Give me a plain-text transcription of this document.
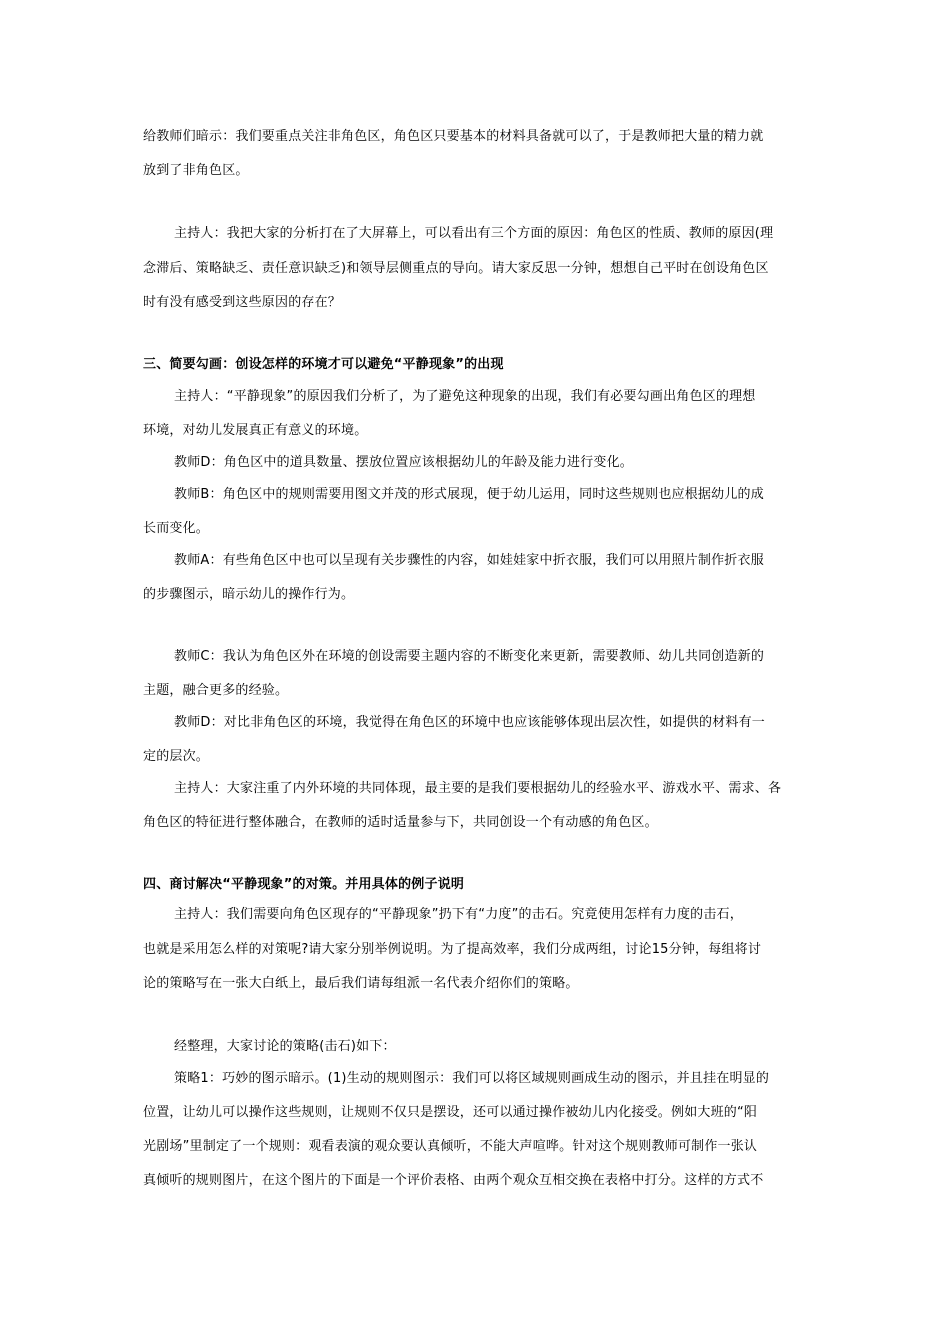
给教师们暗示：我们要重点关注非角色区，角色区只要基本的材料具备就可以了，于是教师把大量的精力就
放到了非角色区。
主持人：我把大家的分析打在了大屏幕上，可以看出有三个方面的原因：角色区的性质、教师的原因(理
念滞后、策略缺乏、责任意识缺乏)和领导层侧重点的导向。请大家反思一分钟，想想自己平时在创设角色区
时有没有感受到这些原因的存在？
三、简要勾画：创设怎样的环境才可以避免“平静现象”的出现
主持人：“平静现象”的原因我们分析了，为了避免这种现象的出现，我们有必要勾画出角色区的理想
环境，对幼儿发展真正有意义的环境。
教师D：角色区中的道具数量、摆放位置应该根据幼儿的年龄及能力进行变化。
教师B：角色区中的规则需要用图文并茂的形式展现，便于幼儿运用，同时这些规则也应根据幼儿的成
长而变化。
教师A：有些角色区中也可以呈现有关步骤性的内容，如娃娃家中折衣服，我们可以用照片制作折衣服
的步骤图示，暗示幼儿的操作行为。
教师C：我认为角色区外在环境的创设需要主题内容的不断变化来更新，需要教师、幼儿共同创造新的
主题，融合更多的经验。
教师D：对比非角色区的环境，我觉得在角色区的环境中也应该能够体现出层次性，如提供的材料有一
定的层次。
主持人：大家注重了内外环境的共同体现，最主要的是我们要根据幼儿的经验水平、游戏水平、需求、各
角色区的特征进行整体融合，在教师的适时适量参与下，共同创设一个有动感的角色区。
四、商讨解决“平静现象”的对策。并用具体的例子说明
主持人：我们需要向角色区现存的“平静现象”扔下有“力度”的击石。究竟使用怎样有力度的击石，
也就是采用怎么样的对策呢?请大家分别举例说明。为了提高效率，我们分成两组，讨论15分钟，每组将讨
论的策略写在一张大白纸上，最后我们请每组派一名代表介绍你们的策略。
经整理，大家讨论的策略(击石)如下：
策略1：巧妙的图示暗示。(1)生动的规则图示：我们可以将区域规则画成生动的图示，并且挂在明显的
位置，让幼儿可以操作这些规则，让规则不仅只是摆设，还可以通过操作被幼儿内化接受。例如大班的“阳
光剧场”里制定了一个规则：观看表演的观众要认真倾听，不能大声喧哗。针对这个规则教师可制作一张认
真倾听的规则图片，在这个图片的下面是一个评价表格、由两个观众互相交换在表格中打分。这样的方式不
